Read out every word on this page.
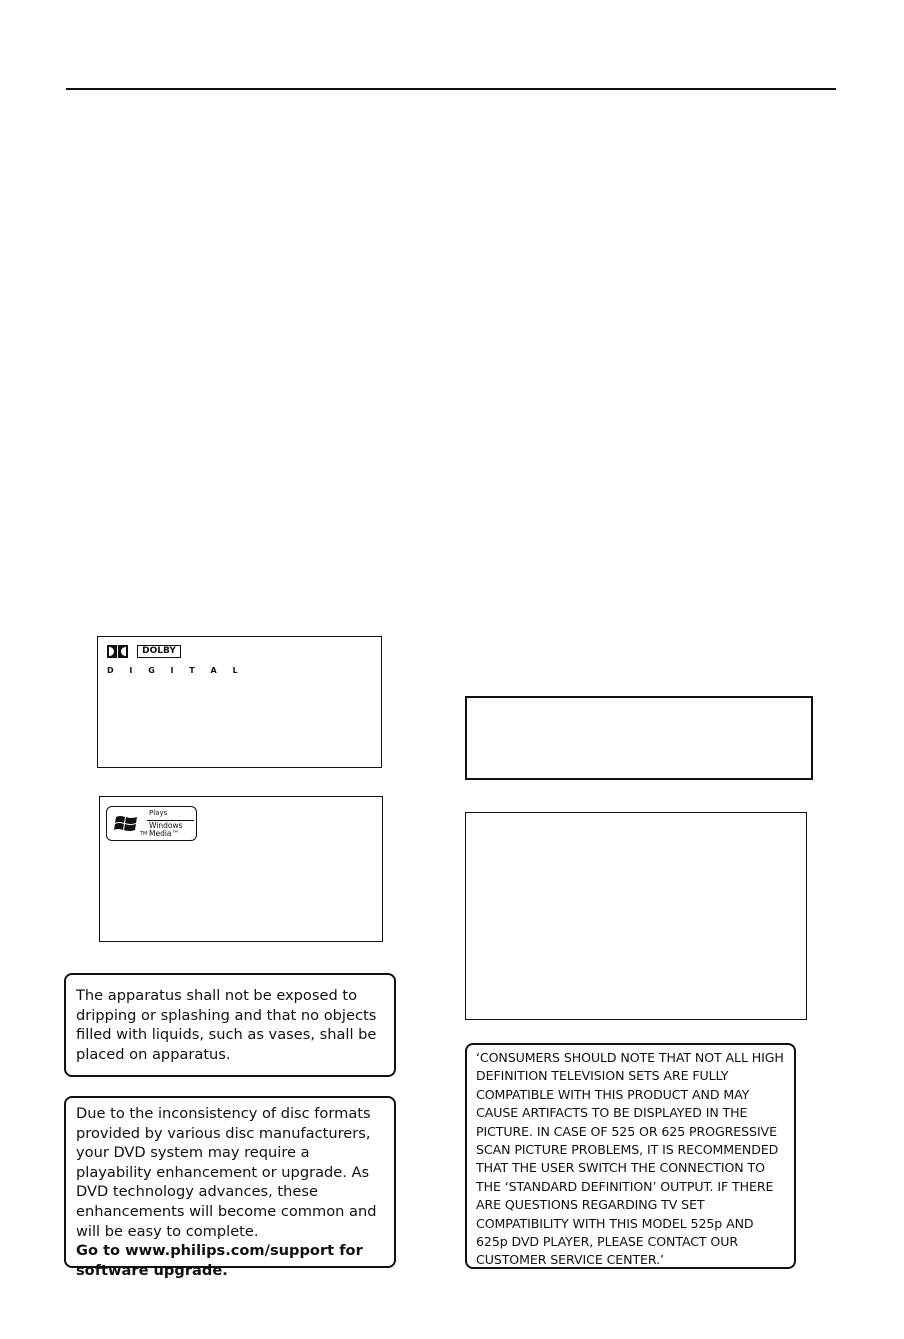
DOLBY
D I G I T A L
TM
Plays
Windows
Media™

The apparatus shall not be exposed to dripping or splashing and that no objects filled with liquids, such as vases, shall be placed on apparatus.

Due to the inconsistency of disc formats provided by various disc manufacturers, your DVD system may require a playability enhancement or upgrade. As DVD technology advances, these enhancements will become common and will be easy to complete.
Go to www.philips.com/support for software upgrade.

‘CONSUMERS SHOULD NOTE THAT NOT ALL HIGH DEFINITION TELEVISION SETS ARE FULLY COMPATIBLE WITH THIS PRODUCT AND MAY CAUSE ARTIFACTS TO BE DISPLAYED IN THE PICTURE. IN CASE OF 525 OR 625 PROGRESSIVE SCAN PICTURE PROBLEMS, IT IS RECOMMENDED THAT THE USER SWITCH THE CONNECTION TO THE ‘STANDARD DEFINITION’ OUTPUT. IF THERE ARE QUESTIONS REGARDING TV SET COMPATIBILITY WITH THIS MODEL 525p AND 625p DVD PLAYER, PLEASE CONTACT OUR CUSTOMER SERVICE CENTER.’
